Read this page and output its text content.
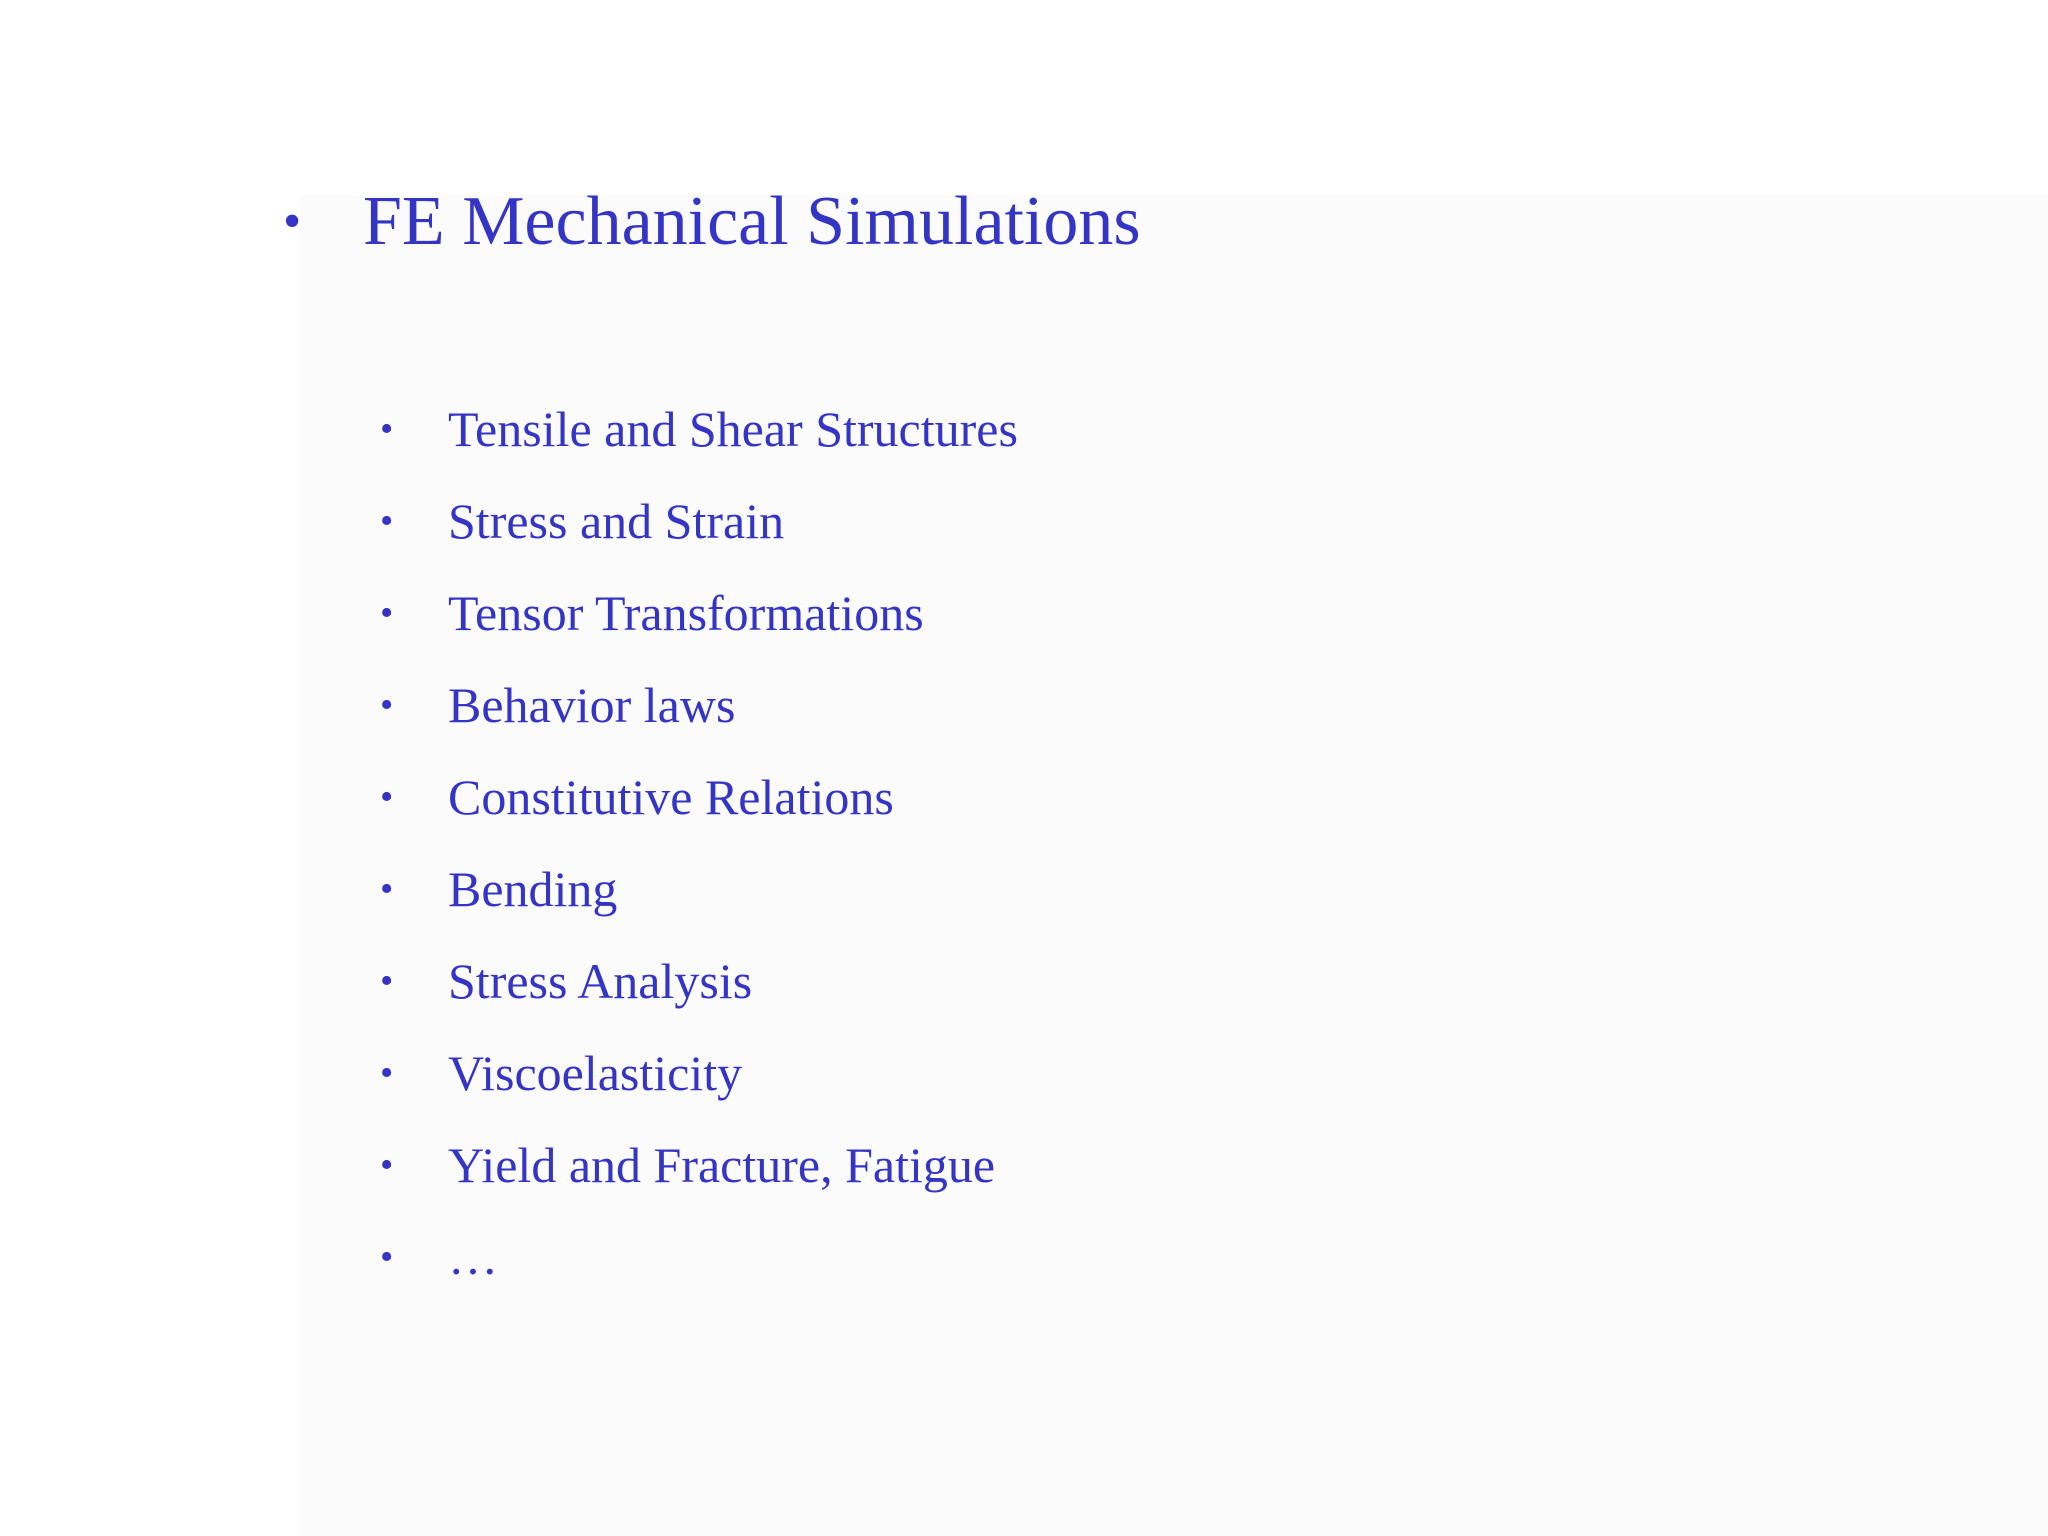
• FE Mechanical Simulations
•	Tensile and Shear Structures
•	Stress and Strain
•	Tensor Transformations
•	Behavior laws
•	Constitutive Relations
•	Bending
•	Stress Analysis
•	Viscoelasticity
•	Yield and Fracture, Fatigue
•	…
